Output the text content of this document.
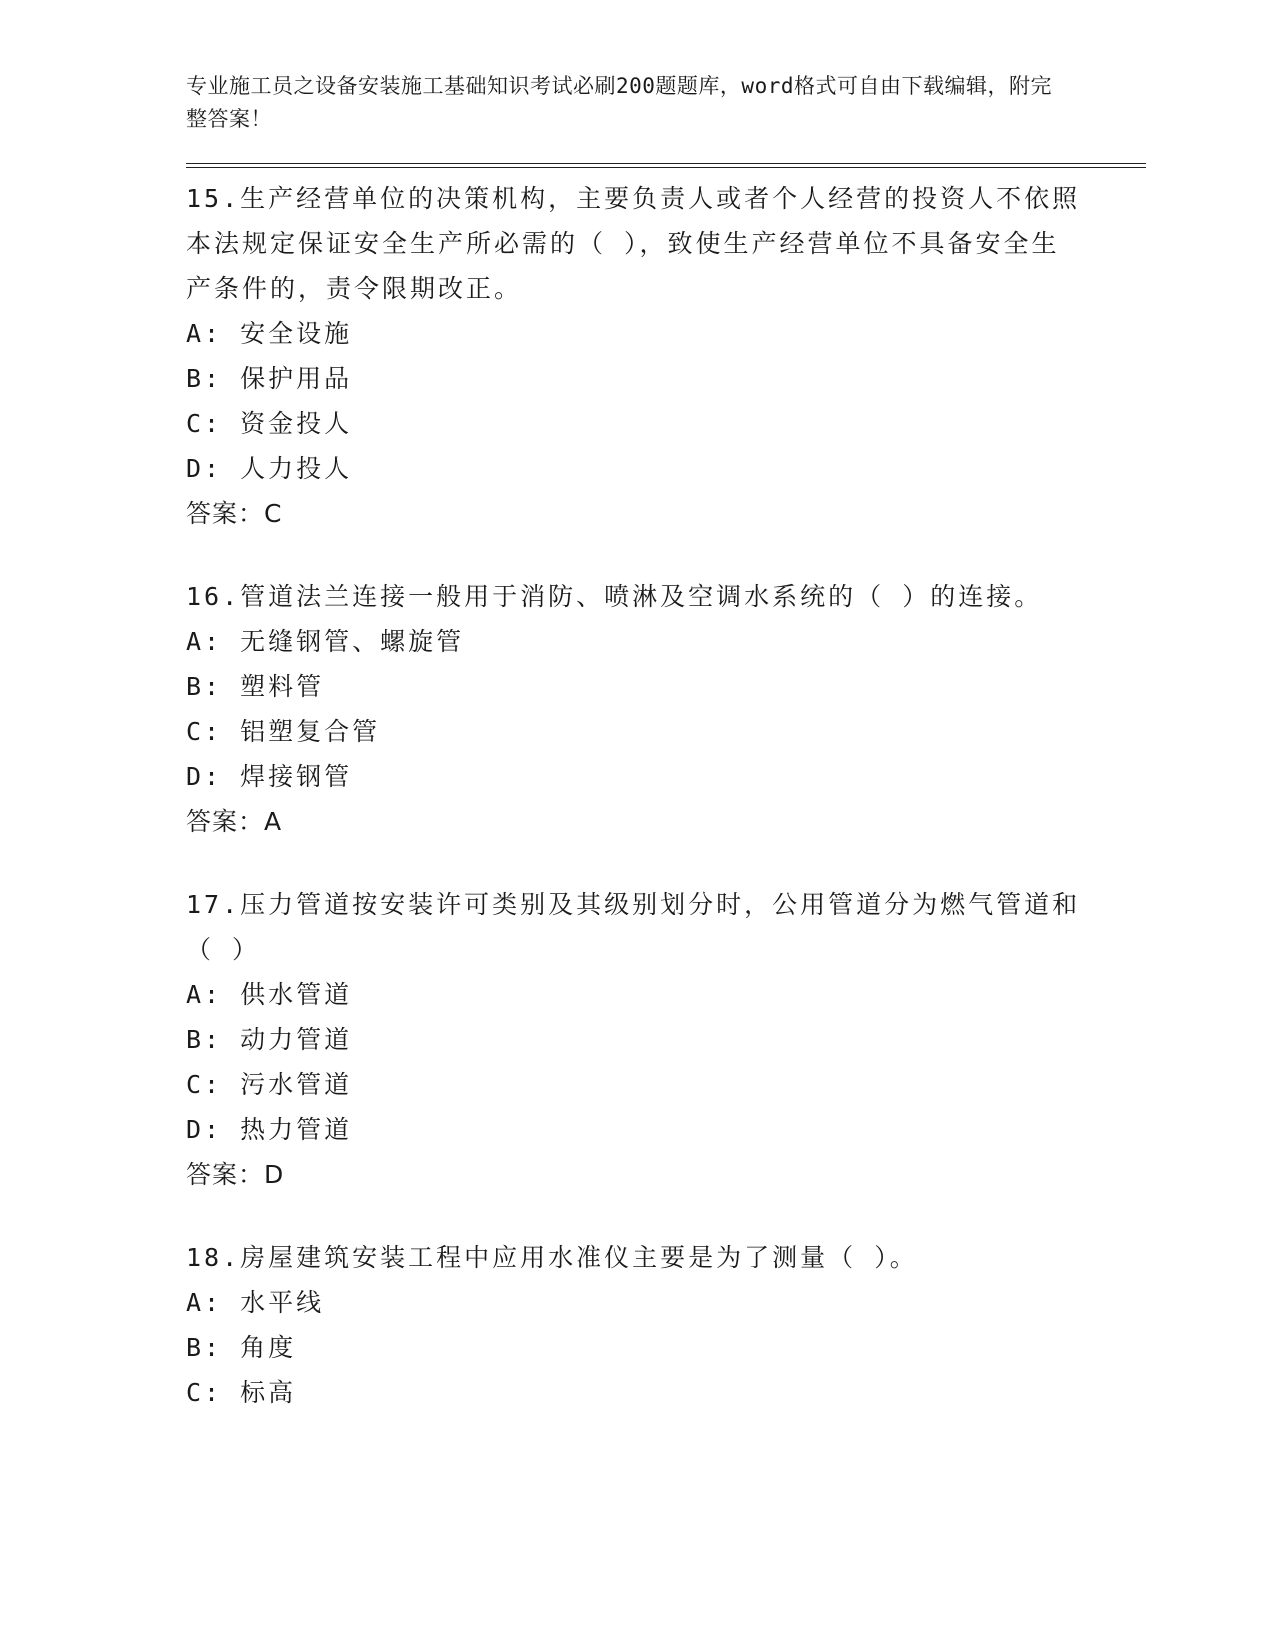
专业施工员之设备安装施工基础知识考试必刷200题题库，word格式可自由下载编辑，附完整答案！
15.生产经营单位的决策机构，主要负责人或者个人经营的投资人不依照本法规定保证安全生产所必需的（ ），致使生产经营单位不具备安全生产条件的，责令限期改正。
A: 安全设施
B: 保护用品
C: 资金投人
D: 人力投人
答案：C
16.管道法兰连接一般用于消防、喷淋及空调水系统的（ ）的连接。
A: 无缝钢管、螺旋管
B: 塑料管
C: 铝塑复合管
D: 焊接钢管
答案：A
17.压力管道按安装许可类别及其级别划分时，公用管道分为燃气管道和（ ）
A: 供水管道
B: 动力管道
C: 污水管道
D: 热力管道
答案：D
18.房屋建筑安装工程中应用水准仪主要是为了测量（ ）。
A: 水平线
B: 角度
C: 标高
